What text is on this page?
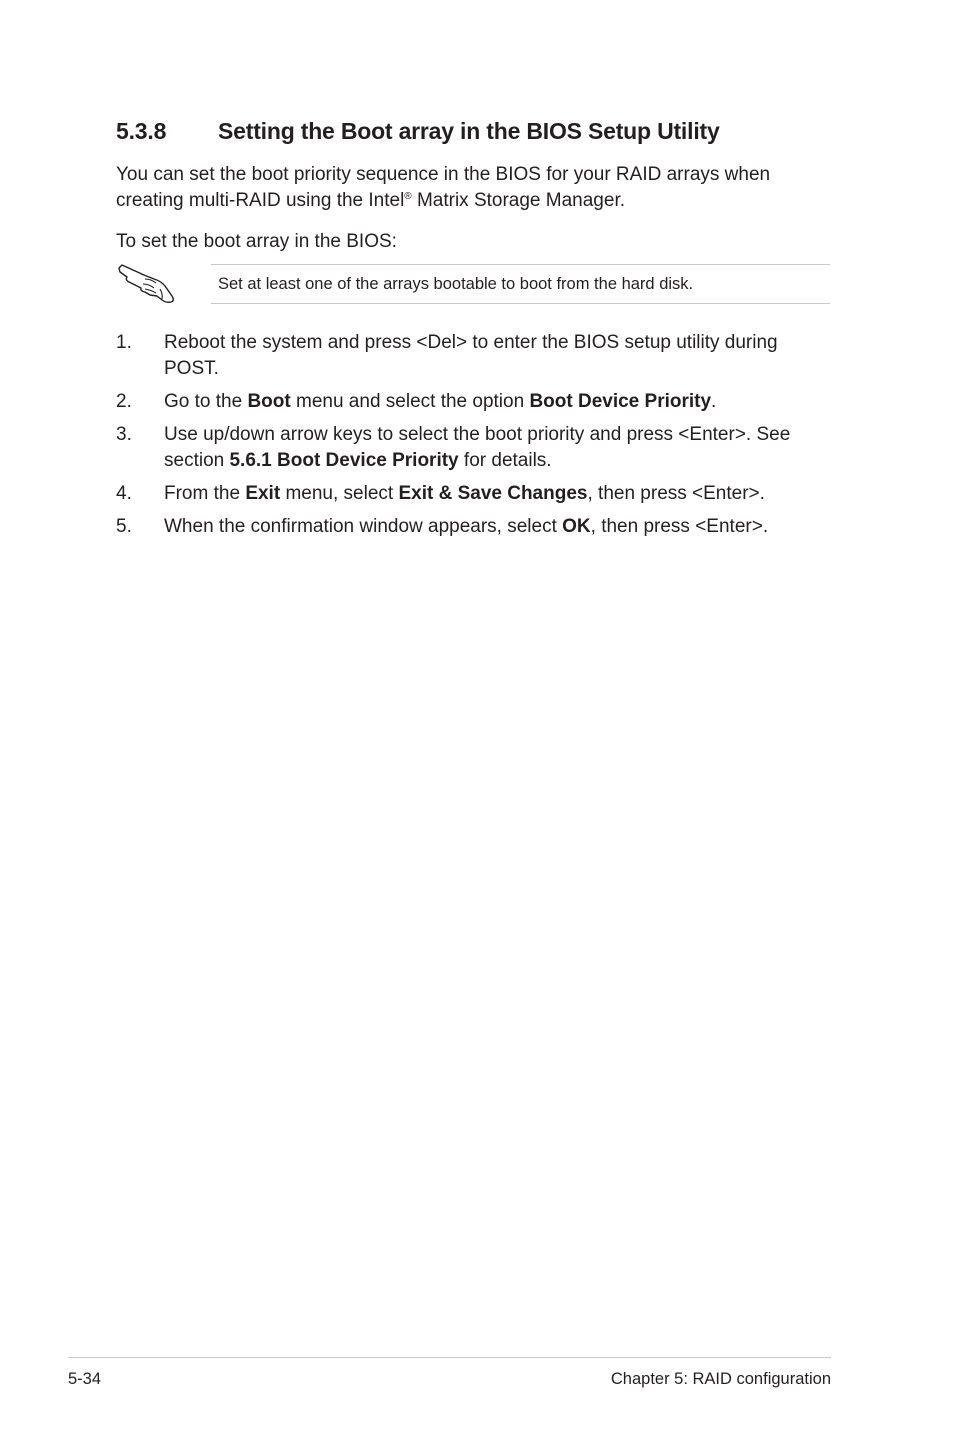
5.3.8 Setting the Boot array in the BIOS Setup Utility

You can set the boot priority sequence in the BIOS for your RAID arrays when creating multi-RAID using the Intel® Matrix Storage Manager.

To set the boot array in the BIOS:

Set at least one of the arrays bootable to boot from the hard disk.
1. Reboot the system and press <Del> to enter the BIOS setup utility during POST.
2. Go to the Boot menu and select the option Boot Device Priority.
3. Use up/down arrow keys to select the boot priority and press <Enter>. See section 5.6.1 Boot Device Priority for details.
4. From the Exit menu, select Exit & Save Changes, then press <Enter>.
5. When the confirmation window appears, select OK, then press <Enter>.
5-34	Chapter 5: RAID configuration
